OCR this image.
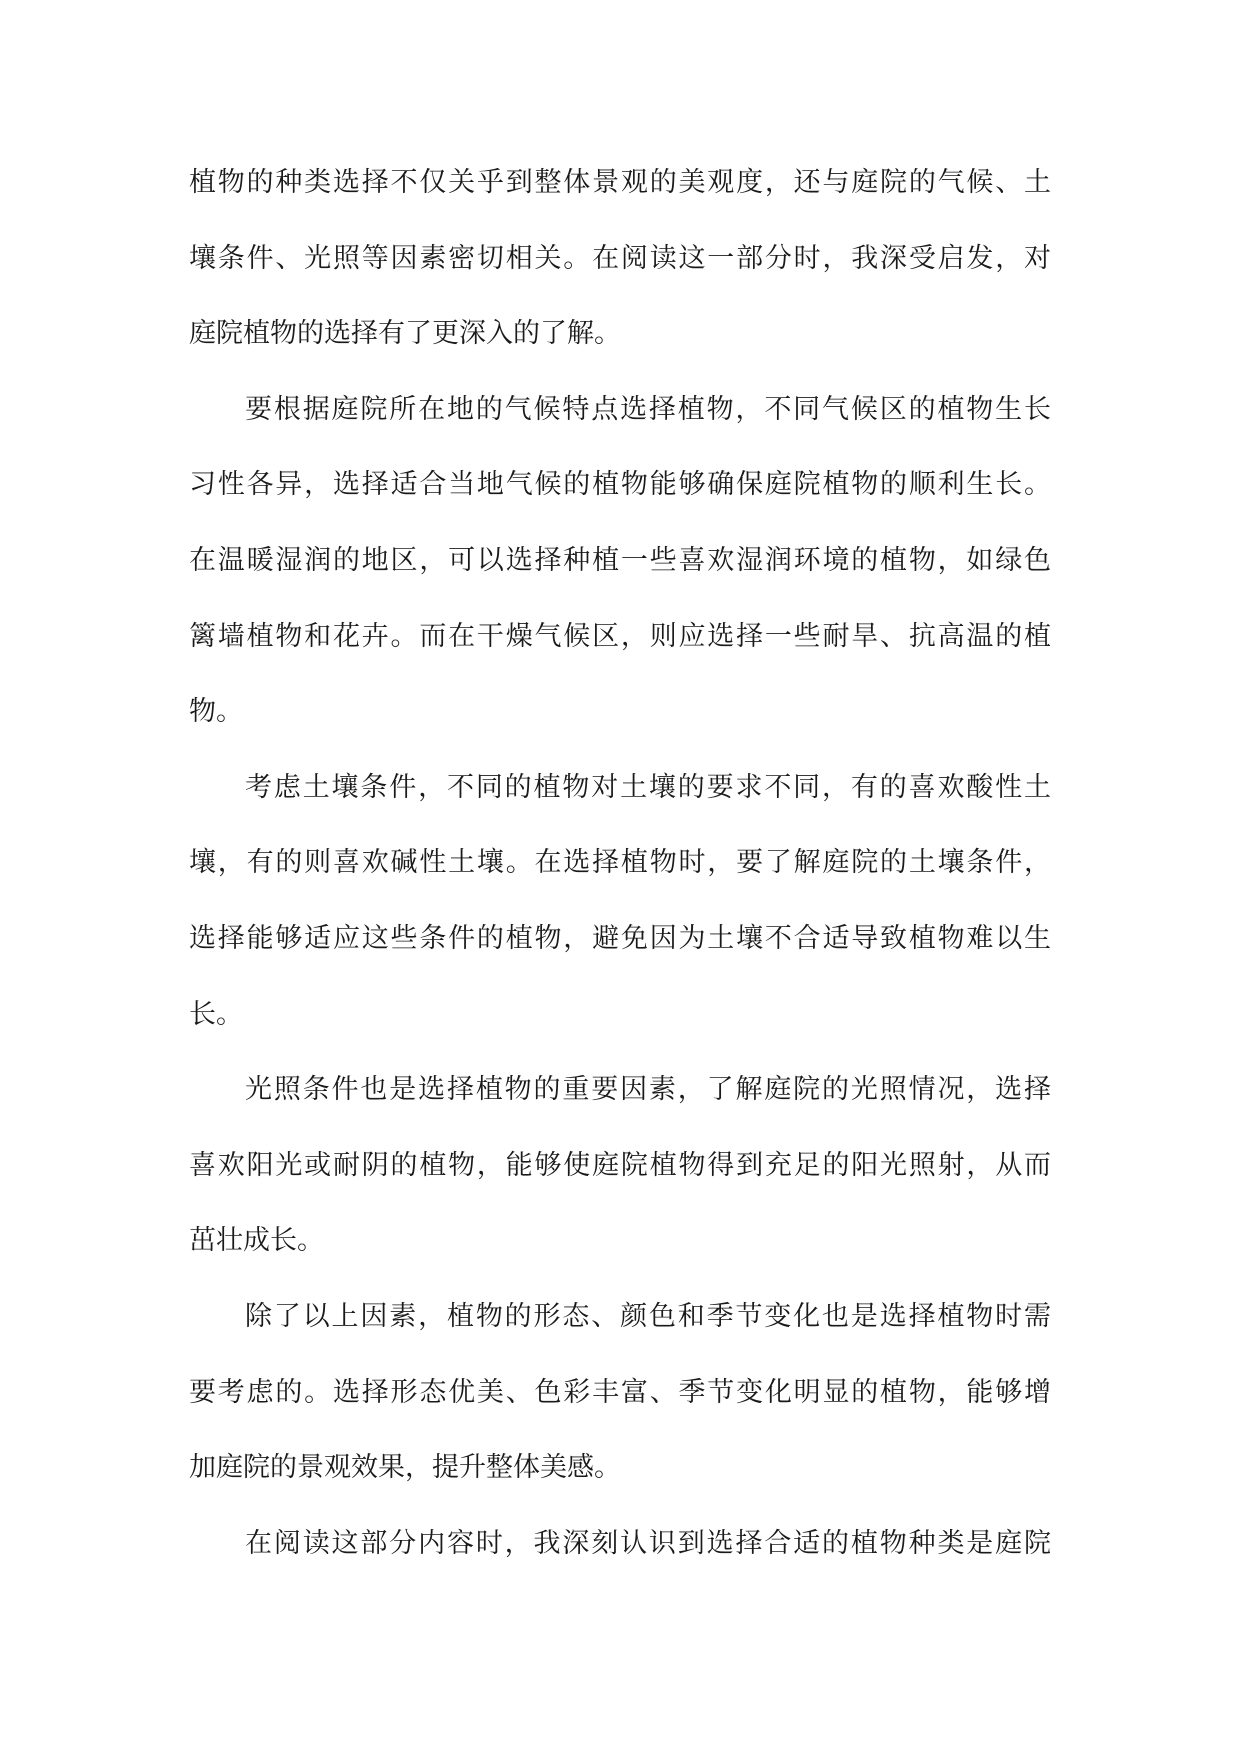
植物的种类选择不仅关乎到整体景观的美观度，还与庭院的气候、土
壤条件、光照等因素密切相关。在阅读这一部分时，我深受启发，对
庭院植物的选择有了更深入的了解。
要根据庭院所在地的气候特点选择植物，不同气候区的植物生长
习性各异，选择适合当地气候的植物能够确保庭院植物的顺利生长。
在温暖湿润的地区，可以选择种植一些喜欢湿润环境的植物，如绿色
篱墙植物和花卉。而在干燥气候区，则应选择一些耐旱、抗高温的植
物。
考虑土壤条件，不同的植物对土壤的要求不同，有的喜欢酸性土
壤，有的则喜欢碱性土壤。在选择植物时，要了解庭院的土壤条件，
选择能够适应这些条件的植物，避免因为土壤不合适导致植物难以生
长。
光照条件也是选择植物的重要因素，了解庭院的光照情况，选择
喜欢阳光或耐阴的植物，能够使庭院植物得到充足的阳光照射，从而
茁壮成长。
除了以上因素，植物的形态、颜色和季节变化也是选择植物时需
要考虑的。选择形态优美、色彩丰富、季节变化明显的植物，能够增
加庭院的景观效果，提升整体美感。
在阅读这部分内容时，我深刻认识到选择合适的植物种类是庭院
